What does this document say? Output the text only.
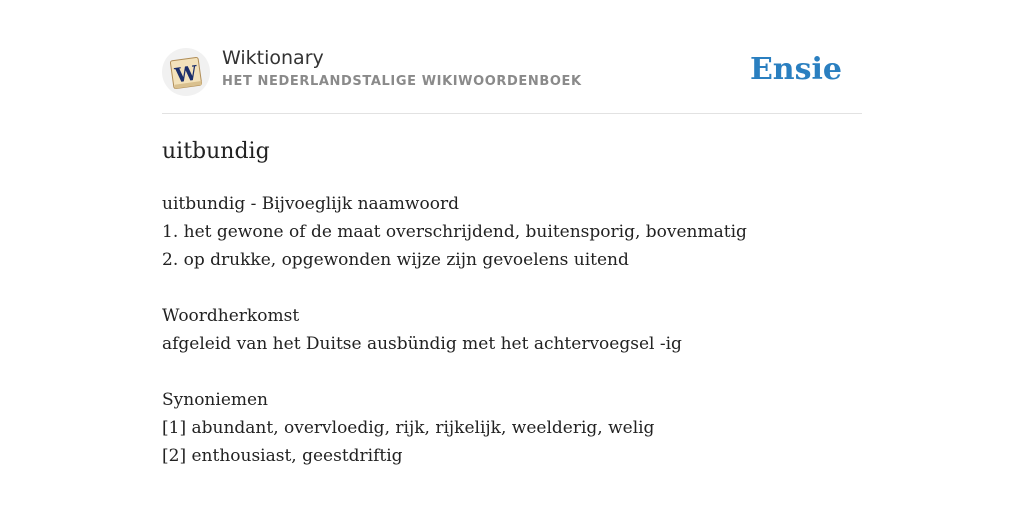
W
Wiktionary
HET NEDERLANDSTALIGE WIKIWOORDENBOEK	Ensie
uitbundig
uitbundig - Bijvoeglijk naamwoord
1. het gewone of de maat overschrijdend, buitensporig, bovenmatig
2. op drukke, opgewonden wijze zijn gevoelens uitend
Woordherkomst
afgeleid van het Duitse ausbündig met het achtervoegsel -ig
Synoniemen
[1] abundant, overvloedig, rijk, rijkelijk, weelderig, welig
[2] enthousiast, geestdriftig
